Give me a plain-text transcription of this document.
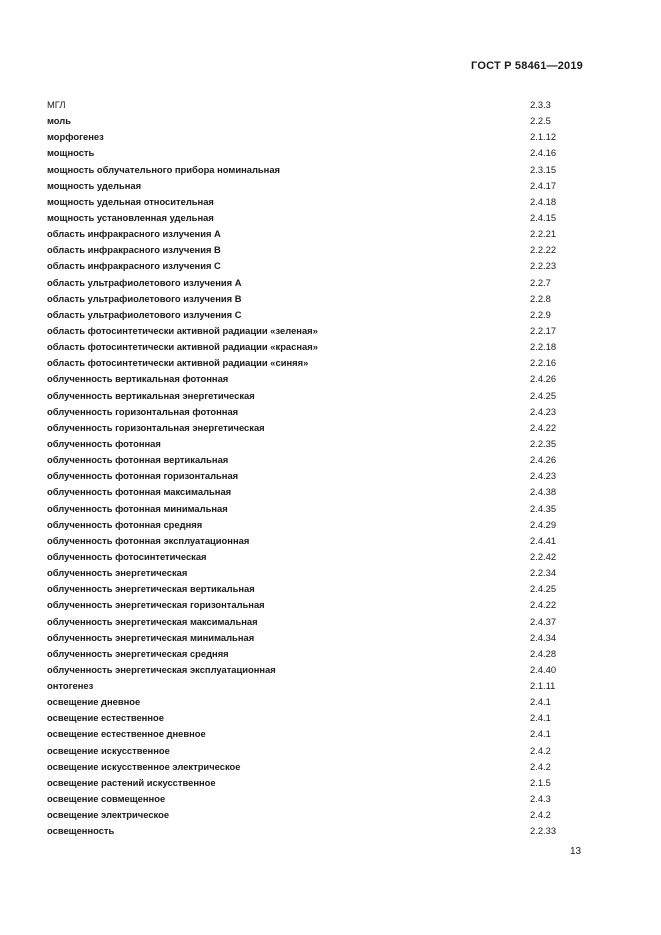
ГОСТ Р 58461—2019
МГЛ	2.3.3
моль	2.2.5
морфогенез	2.1.12
мощность	2.4.16
мощность облучательного прибора номинальная	2.3.15
мощность удельная	2.4.17
мощность удельная относительная	2.4.18
мощность установленная удельная	2.4.15
область инфракрасного излучения А	2.2.21
область инфракрасного излучения В	2.2.22
область инфракрасного излучения С	2.2.23
область ультрафиолетового излучения А	2.2.7
область ультрафиолетового излучения В	2.2.8
область ультрафиолетового излучения С	2.2.9
область фотосинтетически активной радиации «зеленая»	2.2.17
область фотосинтетически активной радиации «красная»	2.2.18
область фотосинтетически активной радиации «синяя»	2.2.16
облученность вертикальная фотонная	2.4.26
облученность вертикальная энергетическая	2.4.25
облученность горизонтальная фотонная	2.4.23
облученность горизонтальная энергетическая	2.4.22
облученность фотонная	2.2.35
облученность фотонная вертикальная	2.4.26
облученность фотонная горизонтальная	2.4.23
облученность фотонная максимальная	2.4.38
облученность фотонная минимальная	2.4.35
облученность фотонная средняя	2.4.29
облученность фотонная эксплуатационная	2.4.41
облученность фотосинтетическая	2.2.42
облученность энергетическая	2.2.34
облученность энергетическая вертикальная	2.4.25
облученность энергетическая горизонтальная	2.4.22
облученность энергетическая максимальная	2.4.37
облученность энергетическая минимальная	2.4.34
облученность энергетическая средняя	2.4.28
облученность энергетическая эксплуатационная	2.4.40
онтогенез	2.1.11
освещение дневное	2.4.1
освещение естественное	2.4.1
освещение естественное дневное	2.4.1
освещение искусственное	2.4.2
освещение искусственное электрическое	2.4.2
освещение растений искусственное	2.1.5
освещение совмещенное	2.4.3
освещение электрическое	2.4.2
освещенность	2.2.33
13
